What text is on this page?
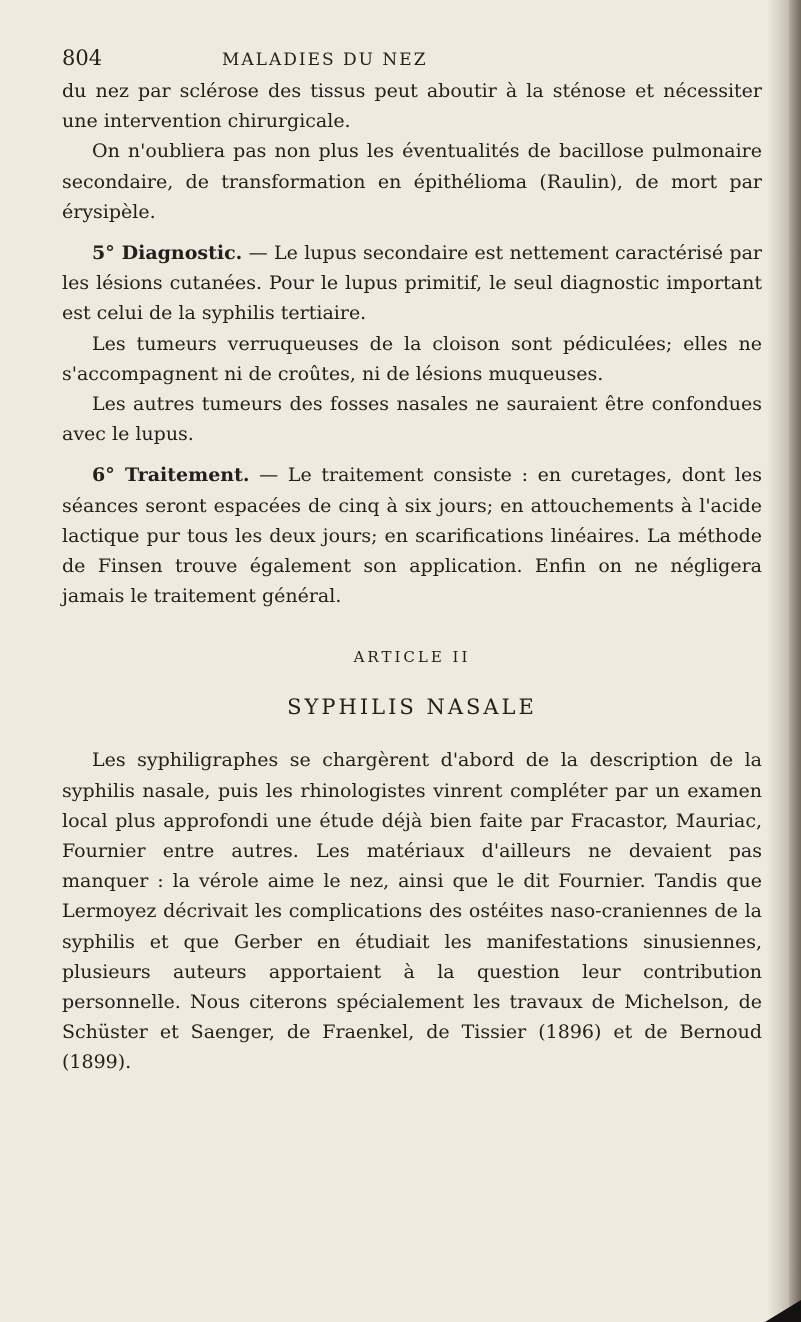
804	MALADIES DU NEZ

du nez par sclérose des tissus peut aboutir à la sténose et nécessiter une intervention chirurgicale.

On n'oubliera pas non plus les éventualités de bacillose pulmonaire secondaire, de transformation en épithélioma (Raulin), de mort par érysipèle.

5° Diagnostic. — Le lupus secondaire est nettement caractérisé par les lésions cutanées. Pour le lupus primitif, le seul diagnostic important est celui de la syphilis tertiaire.

Les tumeurs verruqueuses de la cloison sont pédiculées; elles ne s'accompagnent ni de croûtes, ni de lésions muqueuses.

Les autres tumeurs des fosses nasales ne sauraient être confondues avec le lupus.

6° Traitement. — Le traitement consiste : en curetages, dont les séances seront espacées de cinq à six jours; en attouchements à l'acide lactique pur tous les deux jours; en scarifications linéaires. La méthode de Finsen trouve également son application. Enfin on ne négligera jamais le traitement général.

ARTICLE II
SYPHILIS NASALE

Les syphiligraphes se chargèrent d'abord de la description de la syphilis nasale, puis les rhinologistes vinrent compléter par un examen local plus approfondi une étude déjà bien faite par Fracastor, Mauriac, Fournier entre autres. Les matériaux d'ailleurs ne devaient pas manquer : la vérole aime le nez, ainsi que le dit Fournier. Tandis que Lermoyez décrivait les complications des ostéites naso-craniennes de la syphilis et que Gerber en étudiait les manifestations sinusiennes, plusieurs auteurs apportaient à la question leur contribution personnelle. Nous citerons spécialement les travaux de Michelson, de Schüster et Saenger, de Fraenkel, de Tissier (1896) et de Bernoud (1899).
